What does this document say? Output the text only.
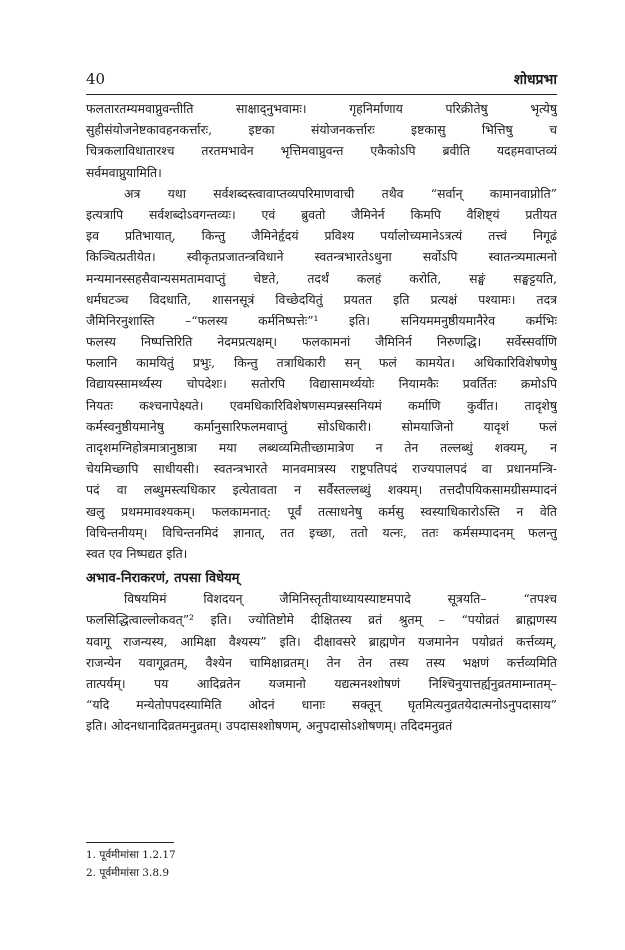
40	शोधप्रभा
फलतारतम्यमवाप्नुवन्तीति साक्षाद्नुभवामः। गृहनिर्माणाय परिक्रीतेषु भृत्येषु
सुहीसंयोजनेष्टकावहनकर्त्तारः, इष्टका संयोजनकर्त्तारः इष्टकासु भित्तिषु च
चित्रकलाविधातारश्च तरतमभावेन भृत्तिमवाप्नुवन्त एकैकोऽपि ब्रवीति यदहमवाप्तव्यं
सर्वमवाप्नुयामिति।
अत्र यथा सर्वशब्दस्त्वावाप्तव्यपरिमाणवाची तथैव “सर्वान् कामानवाप्नोति”
इत्यत्रापि सर्वशब्दोऽवगन्तव्यः। एवं ब्रुवतो जैमिनेर्न किमपि वैशिष्ट्यं प्रतीयत
इव प्रतिभायात्, किन्तु जैमिनेर्हृदयं प्रविश्य पर्यालोच्यमानेऽत्रत्यं तत्त्वं निगूढं
किञ्चित्प्रतीयेत। स्वीकृतप्रजातन्त्रविधाने स्वतन्त्रभारतेऽधुना सर्वोऽपि स्वातन्त्र्यमात्मनो
मन्यमानस्सहसैवान्यसमतामवाप्तुं चेष्टते, तदर्थं कलहं करोति, सङ्घं सङ्घट्टयति,
धर्मघटञ्च विदधाति, शासनसूत्रं विच्छेदयितुं प्रयतत इति प्रत्यक्षं पश्यामः। तदत्र
जैमिनिरनुशास्ति –“फलस्य कर्मनिष्पत्तेः”¹ इति। सनियममनुष्ठीयमानैरेव कर्मभिः
फलस्य निष्पत्तिरिति नेदमप्रत्यक्षम्। फलकामनां जैमिनिर्न निरुणद्धि। सर्वेस्सर्वाणि
फलानि कामयितुं प्रभुः, किन्तु तत्राधिकारी सन् फलं कामयेत। अधिकारिविशेषणेषु
विद्यायस्सामर्थ्यस्य चोपदेशः। सतोरपि विद्यासामर्थ्ययोः नियामकैः प्रवर्तितः क्रमोऽपि
नियतः कश्चनापेक्ष्यते। एवमधिकारिविशेषणसम्पन्नस्सनियमं कर्माणि कुर्वीत। तादृशेषु
कर्मस्वनुष्ठीयमानेषु कर्मानुसारिफलमवाप्तुं सोऽधिकारी। सोमयाजिनो यादृशं फलं
तादृशमग्निहोत्रमात्रानुष्ठात्रा मया लब्धव्यमितीच्छामात्रेण न तेन तल्लब्धुं शक्यम्, न
चेयमिच्छापि साधीयसी। स्वतन्त्रभारते मानवमात्रस्य राष्ट्रपतिपदं राज्यपालपदं वा प्रधानमन्त्रि-
पदं वा लब्धुमस्त्यधिकार इत्येतावता न सर्वैस्तल्लब्धुं शक्यम्। तत्तदौपयिकसामग्रीसम्पादनं
खलु प्रथममावश्यकम्। फलकामनात्: पूर्वं तत्साधनेषु कर्मसु स्वस्याधिकारोऽस्ति न वेति
विचिन्तनीयम्। विचिन्तनमिदं ज्ञानात्, तत इच्छा, ततो यत्नः, ततः कर्मसम्पादनम् फलन्तु
स्वत एव निष्पद्यत इति।
अभाव-निराकरणं, तपसा विधेयम्
विषयमिमं विशदयन् जैमिनिस्तृतीयाध्यायस्याष्टमपादे सूत्रयति– “तपश्च
फलसिद्धित्वाल्लोकवत्”² इति। ज्योतिष्टोमे दीक्षितस्य व्रतं श्रुतम् – “पयोव्रतं ब्राह्मणस्य
यवागू राजन्यस्य, आमिक्षा वैश्यस्य” इति। दीक्षावसरे ब्राह्मणेन यजमानेन पयोव्रतं कर्त्तव्यम्,
राजन्येन यवागूव्रतम्, वैश्येन चामिक्षाव्रतम्। तेन तेन तस्य तस्य भक्षणं कर्त्तव्यमिति
तात्पर्यम्। पय आदिव्रतेन यजमानो यद्यत्मनश्शोषणं निश्चिनुयात्तर्ह्यनुव्रतमाम्नातम्–
“यदि मन्येतोपपदस्यामिति ओदनं धानाः सक्तून् घृतमित्यनुव्रतयेदात्मनोऽनुपदासाय”
इति। ओदनधानादिव्रतमनुव्रतम्। उपदासश्शोषणम्, अनुपदासोऽशोषणम्। तदिदमनुव्रतं
1. पूर्वमीमांसा 1.2.17
2. पूर्वमीमांसा 3.8.9
